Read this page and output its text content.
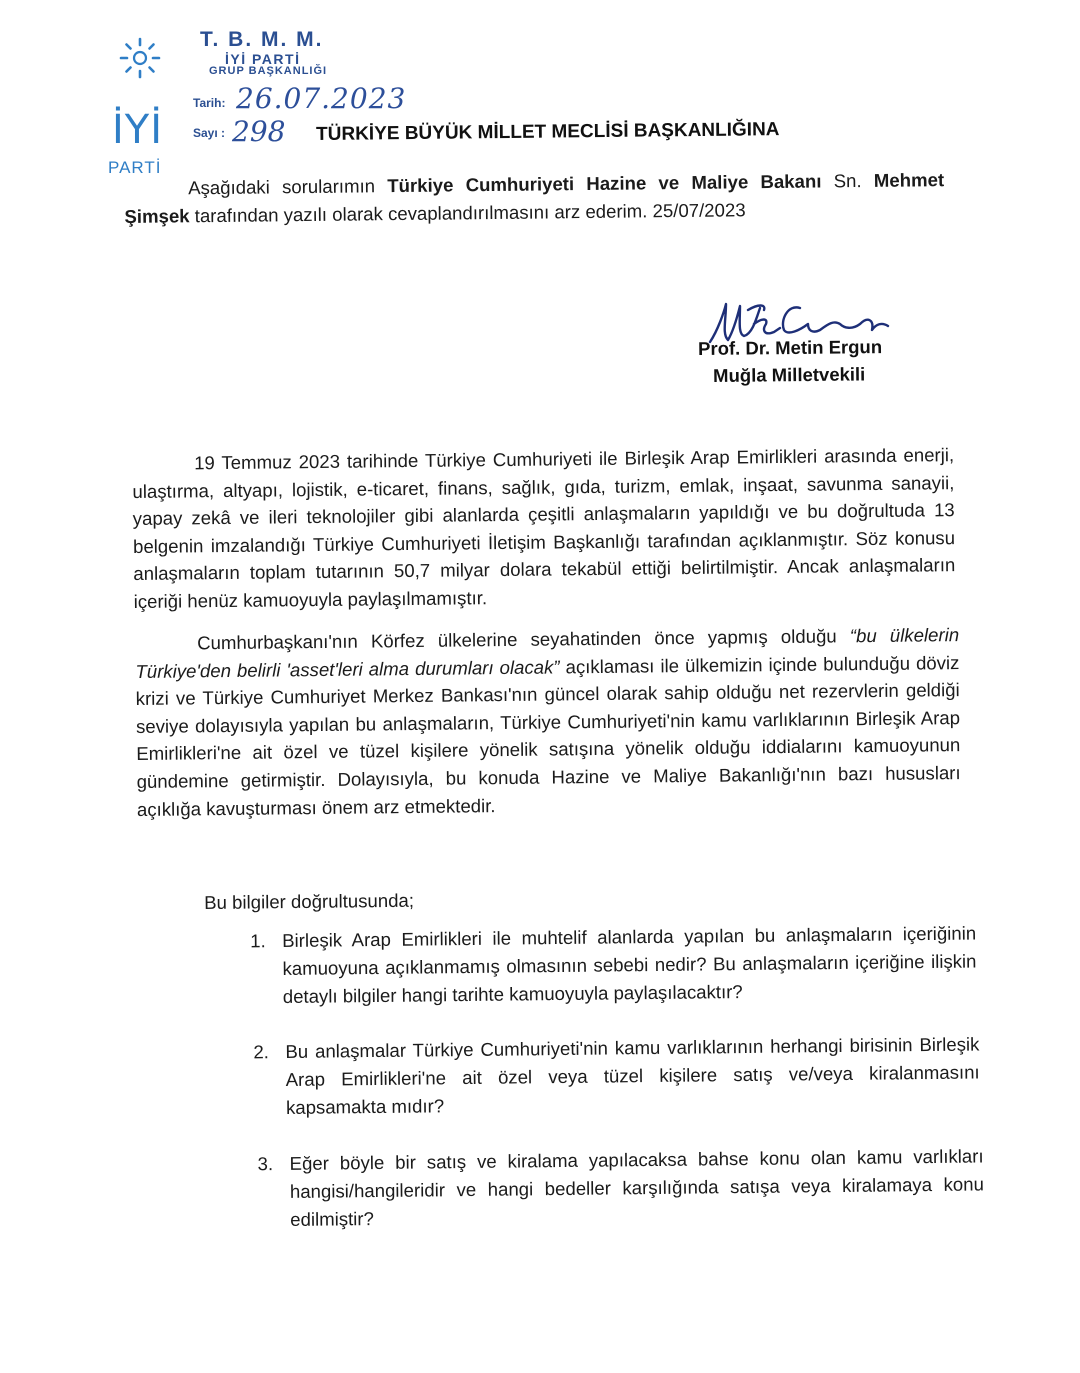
İYİ
PARTİ
T. B. M. M.
İYİ PARTİ
GRUP BAŞKANLIĞI
Tarih: 26.07.2023
Sayı : 298 TÜRKİYE BÜYÜK MİLLET MECLİSİ BAŞKANLIĞINA

Aşağıdaki sorularımın Türkiye Cumhuriyeti Hazine ve Maliye Bakanı Sn. Mehmet Şimşek tarafından yazılı olarak cevaplandırılmasını arz ederim. 25/07/2023

Prof. Dr. Metin Ergun
Muğla Milletvekili

19 Temmuz 2023 tarihinde Türkiye Cumhuriyeti ile Birleşik Arap Emirlikleri arasında enerji, ulaştırma, altyapı, lojistik, e-ticaret, finans, sağlık, gıda, turizm, emlak, inşaat, savunma sanayii, yapay zekâ ve ileri teknolojiler gibi alanlarda çeşitli anlaşmaların yapıldığı ve bu doğrultuda 13 belgenin imzalandığı Türkiye Cumhuriyeti İletişim Başkanlığı tarafından açıklanmıştır. Söz konusu anlaşmaların toplam tutarının 50,7 milyar dolara tekabül ettiği belirtilmiştir. Ancak anlaşmaların içeriği henüz kamuoyuyla paylaşılmamıştır.

Cumhurbaşkanı'nın Körfez ülkelerine seyahatinden önce yapmış olduğu “bu ülkelerin Türkiye'den belirli 'asset'leri alma durumları olacak” açıklaması ile ülkemizin içinde bulunduğu döviz krizi ve Türkiye Cumhuriyet Merkez Bankası'nın güncel olarak sahip olduğu net rezervlerin geldiği seviye dolayısıyla yapılan bu anlaşmaların, Türkiye Cumhuriyeti'nin kamu varlıklarının Birleşik Arap Emirlikleri'ne ait özel ve tüzel kişilere yönelik satışına yönelik olduğu iddialarını kamuoyunun gündemine getirmiştir. Dolayısıyla, bu konuda Hazine ve Maliye Bakanlığı'nın bazı hususları açıklığa kavuşturması önem arz etmektedir.

Bu bilgiler doğrultusunda;

1. Birleşik Arap Emirlikleri ile muhtelif alanlarda yapılan bu anlaşmaların içeriğinin kamuoyuna açıklanmamış olmasının sebebi nedir? Bu anlaşmaların içeriğine ilişkin detaylı bilgiler hangi tarihte kamuoyuyla paylaşılacaktır?
2. Bu anlaşmalar Türkiye Cumhuriyeti'nin kamu varlıklarının herhangi birisinin Birleşik Arap Emirlikleri'ne ait özel veya tüzel kişilere satış ve/veya kiralanmasını kapsamakta mıdır?
3. Eğer böyle bir satış ve kiralama yapılacaksa bahse konu olan kamu varlıkları hangisi/hangileridir ve hangi bedeller karşılığında satışa veya kiralamaya konu edilmiştir?
